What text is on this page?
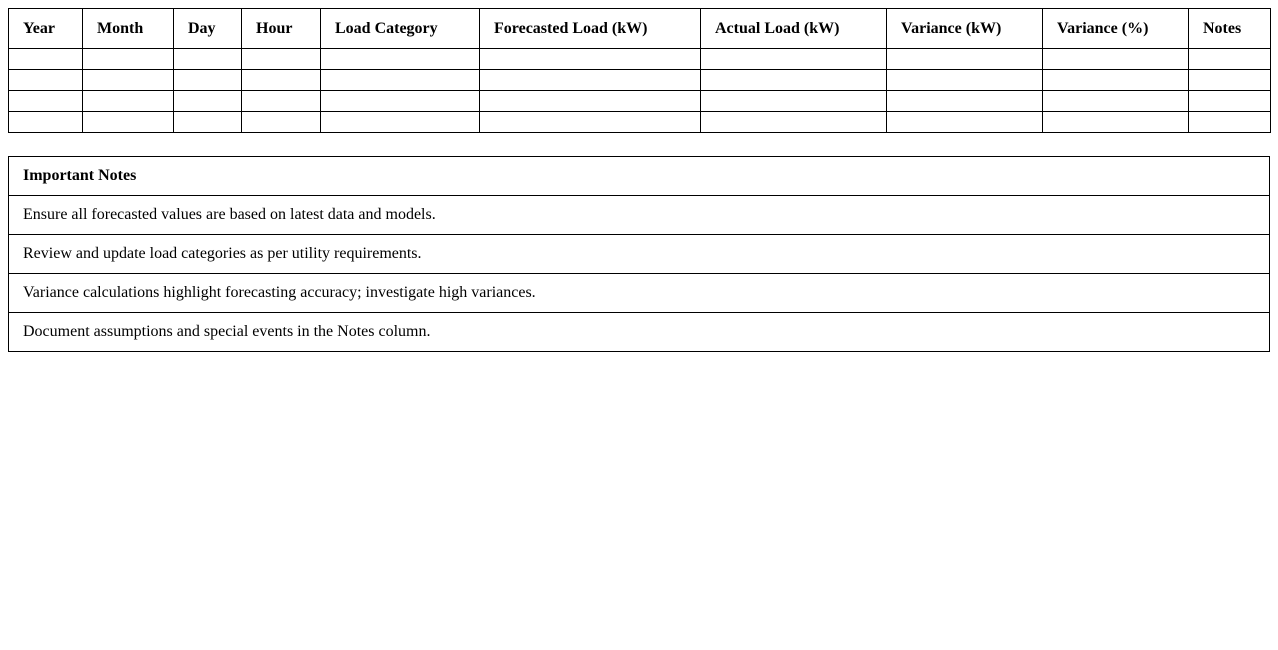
Year	Month	Day	Hour	Load Category	Forecasted Load (kW)	Actual Load (kW)	Variance (kW)	Variance (%)	Notes

Important Notes
Ensure all forecasted values are based on latest data and models.
Review and update load categories as per utility requirements.
Variance calculations highlight forecasting accuracy; investigate high variances.
Document assumptions and special events in the Notes column.
